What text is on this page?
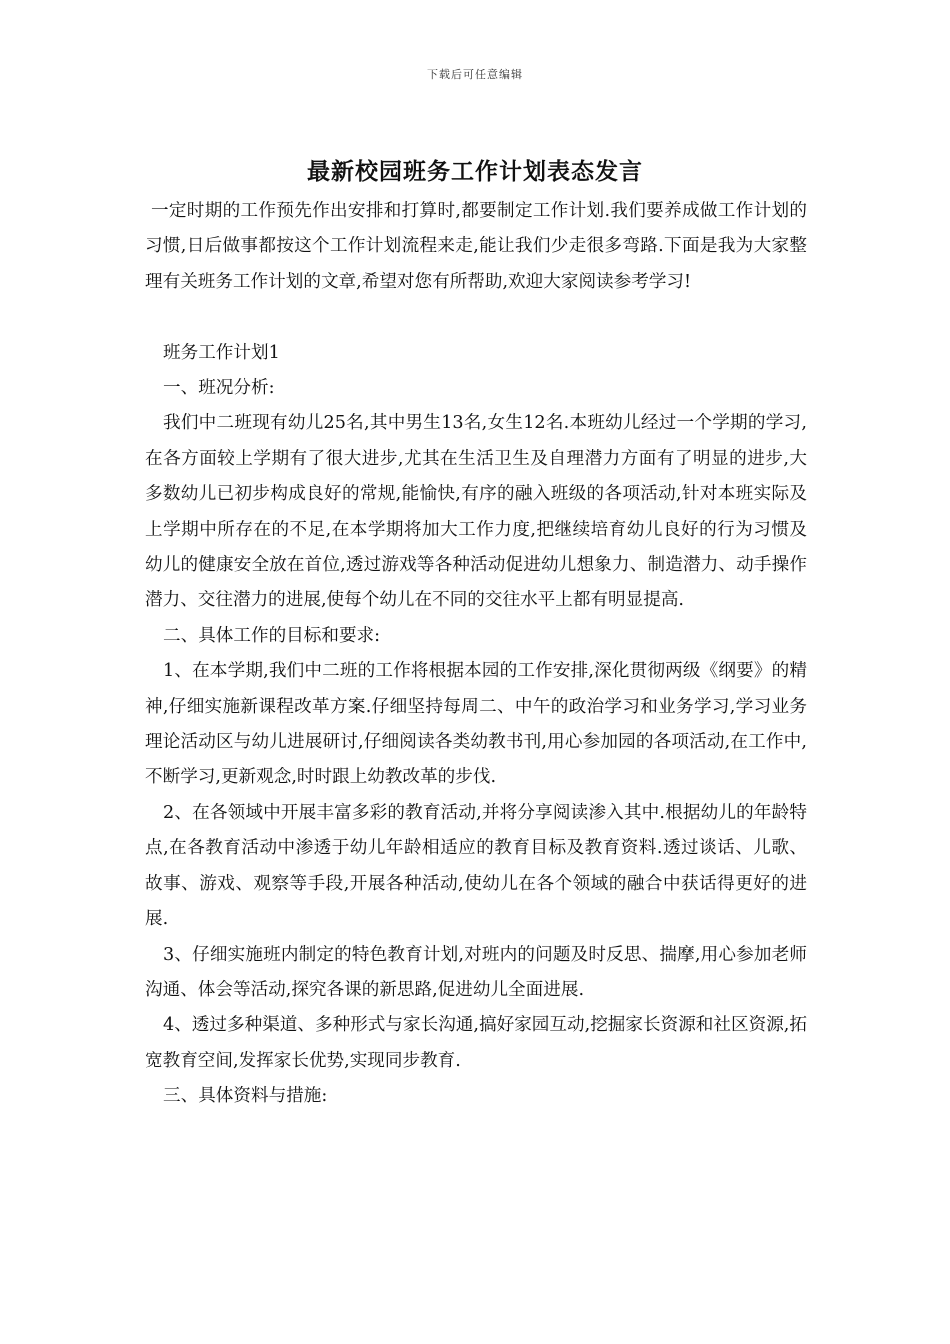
下载后可任意编辑
最新校园班务工作计划表态发言

一定时期的工作预先作出安排和打算时,都要制定工作计划.我们要养成做工作计划的习惯,日后做事都按这个工作计划流程来走,能让我们少走很多弯路.下面是我为大家整理有关班务工作计划的文章,希望对您有所帮助,欢迎大家阅读参考学习!

班务工作计划1

一、班况分析:

我们中二班现有幼儿25名,其中男生13名,女生12名.本班幼儿经过一个学期的学习,在各方面较上学期有了很大进步,尤其在生活卫生及自理潜力方面有了明显的进步,大多数幼儿已初步构成良好的常规,能愉快,有序的融入班级的各项活动,针对本班实际及上学期中所存在的不足,在本学期将加大工作力度,把继续培育幼儿良好的行为习惯及幼儿的健康安全放在首位,透过游戏等各种活动促进幼儿想象力、制造潜力、动手操作潜力、交往潜力的进展,使每个幼儿在不同的交往水平上都有明显提高.

二、具体工作的目标和要求:

1、在本学期,我们中二班的工作将根据本园的工作安排,深化贯彻两级《纲要》的精神,仔细实施新课程改革方案.仔细坚持每周二、中午的政治学习和业务学习,学习业务理论活动区与幼儿进展研讨,仔细阅读各类幼教书刊,用心参加园的各项活动,在工作中,不断学习,更新观念,时时跟上幼教改革的步伐.

2、在各领域中开展丰富多彩的教育活动,并将分享阅读渗入其中.根据幼儿的年龄特点,在各教育活动中渗透于幼儿年龄相适应的教育目标及教育资料.透过谈话、儿歌、故事、游戏、观察等手段,开展各种活动,使幼儿在各个领域的融合中获话得更好的进展.

3、仔细实施班内制定的特色教育计划,对班内的问题及时反思、揣摩,用心参加老师沟通、体会等活动,探究各课的新思路,促进幼儿全面进展.

4、透过多种渠道、多种形式与家长沟通,搞好家园互动,挖掘家长资源和社区资源,拓宽教育空间,发挥家长优势,实现同步教育.

三、具体资料与措施:
